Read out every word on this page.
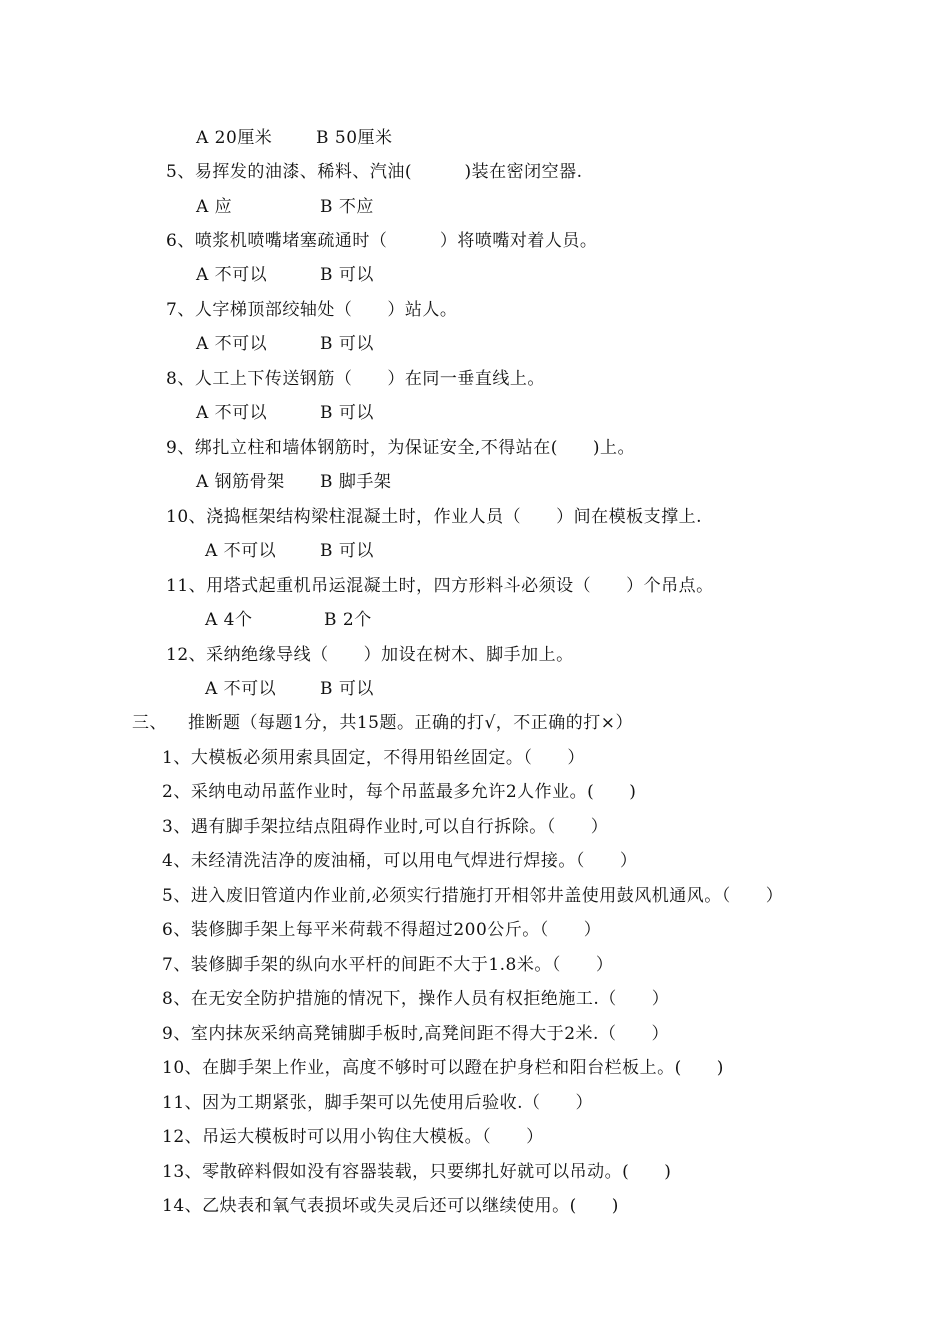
A 20厘米	B 50厘米
5、易挥发的油漆、稀料、汽油(　　　)装在密闭空器.
A 应	B 不应
6、喷浆机喷嘴堵塞疏通时（　　　）将喷嘴对着人员。
A 不可以	B 可以
7、人字梯顶部绞轴处（　　）站人。
A 不可以	B 可以
8、人工上下传送钢筋（　　）在同一垂直线上。
A 不可以	B 可以
9、绑扎立柱和墙体钢筋时，为保证安全,不得站在(　　)上。
A 钢筋骨架 B 脚手架
10、浇捣框架结构梁柱混凝土时，作业人员（　　）间在模板支撑上.
A 不可以	B 可以
11、用塔式起重机吊运混凝土时，四方形料斗必须设（　　）个吊点。
A 4个	B 2个
12、采纳绝缘导线（　　）加设在树木、脚手加上。
A 不可以	B 可以
三、 推断题（每题1分，共15题。正确的打√，不正确的打×）
1、大模板必须用索具固定，不得用铅丝固定。（　　）
2、采纳电动吊蓝作业时，每个吊蓝最多允许2人作业。(　　)
3、遇有脚手架拉结点阻碍作业时,可以自行拆除。（　　）
4、未经清洗洁净的废油桶，可以用电气焊进行焊接。（　　）
5、进入废旧管道内作业前,必须实行措施打开相邻井盖使用鼓风机通风。（　　）
6、装修脚手架上每平米荷载不得超过200公斤。（　　）
7、装修脚手架的纵向水平杆的间距不大于1.8米。（　　）
8、在无安全防护措施的情况下，操作人员有权拒绝施工.（　　）
9、室内抹灰采纳高凳铺脚手板时,高凳间距不得大于2米.（　　）
10、在脚手架上作业，高度不够时可以蹬在护身栏和阳台栏板上。(　　)
11、因为工期紧张，脚手架可以先使用后验收.（　　）
12、吊运大模板时可以用小钩住大模板。（　　）
13、零散碎料假如没有容器装载，只要绑扎好就可以吊动。(　　)
14、乙炔表和氧气表损坏或失灵后还可以继续使用。(　　)
